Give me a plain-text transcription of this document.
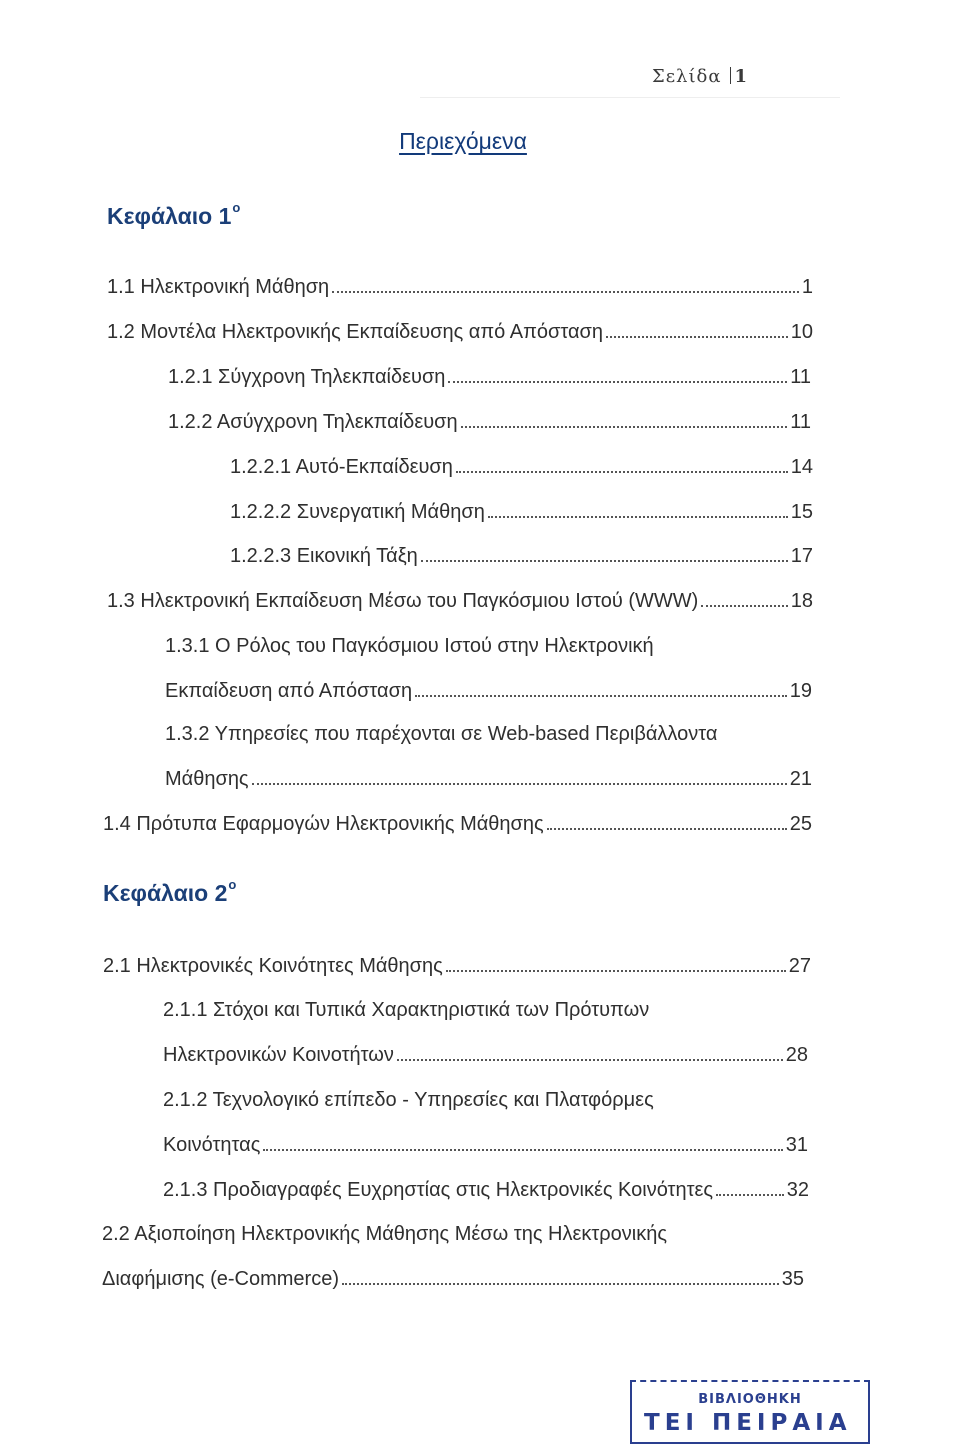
Σελίδα 1
Περιεχόμενα
Κεφάλαιο $1^o$
1.1 Ηλεκτρονική Μάθηση	1
1.2 Μοντέλα Ηλεκτρονικής Εκπαίδευσης από Απόσταση	10
1.2.1 Σύγχρονη Τηλεκπαίδευση	11
1.2.2 Ασύγχρονη Τηλεκπαίδευση	11
1.2.2.1 Αυτό-Εκπαίδευση	14
1.2.2.2 Συνεργατική Μάθηση	15
1.2.2.3 Εικονική Τάξη	17
1.3 Ηλεκτρονική Εκπαίδευση Μέσω του Παγκόσμιου Ιστού (WWW)	18
1.3.1 Ο Ρόλος του Παγκόσμιου Ιστού στην Ηλεκτρονική
Εκπαίδευση από Απόσταση	19
1.3.2 Υπηρεσίες που παρέχονται σε Web-based Περιβάλλοντα
Μάθησης	21
1.4 Πρότυπα Εφαρμογών Ηλεκτρονικής Μάθησης	25
Κεφάλαιο $2^o$
2.1 Ηλεκτρονικές Κοινότητες Μάθησης	27
2.1.1 Στόχοι και Τυπικά Χαρακτηριστικά των Πρότυπων
Ηλεκτρονικών Κοινοτήτων	28
2.1.2 Τεχνολογικό επίπεδο - Υπηρεσίες και Πλατφόρμες
Κοινότητας	31
2.1.3 Προδιαγραφές Ευχρηστίας στις Ηλεκτρονικές Κοινότητες	32
2.2 Αξιοποίηση Ηλεκτρονικής Μάθησης Μέσω της Ηλεκτρονικής
Διαφήμισης (e-Commerce)	35
ΒΙΒΛΙΟΘΗΚΗ
ΤΕΙ ΠΕΙΡΑΙΑ
